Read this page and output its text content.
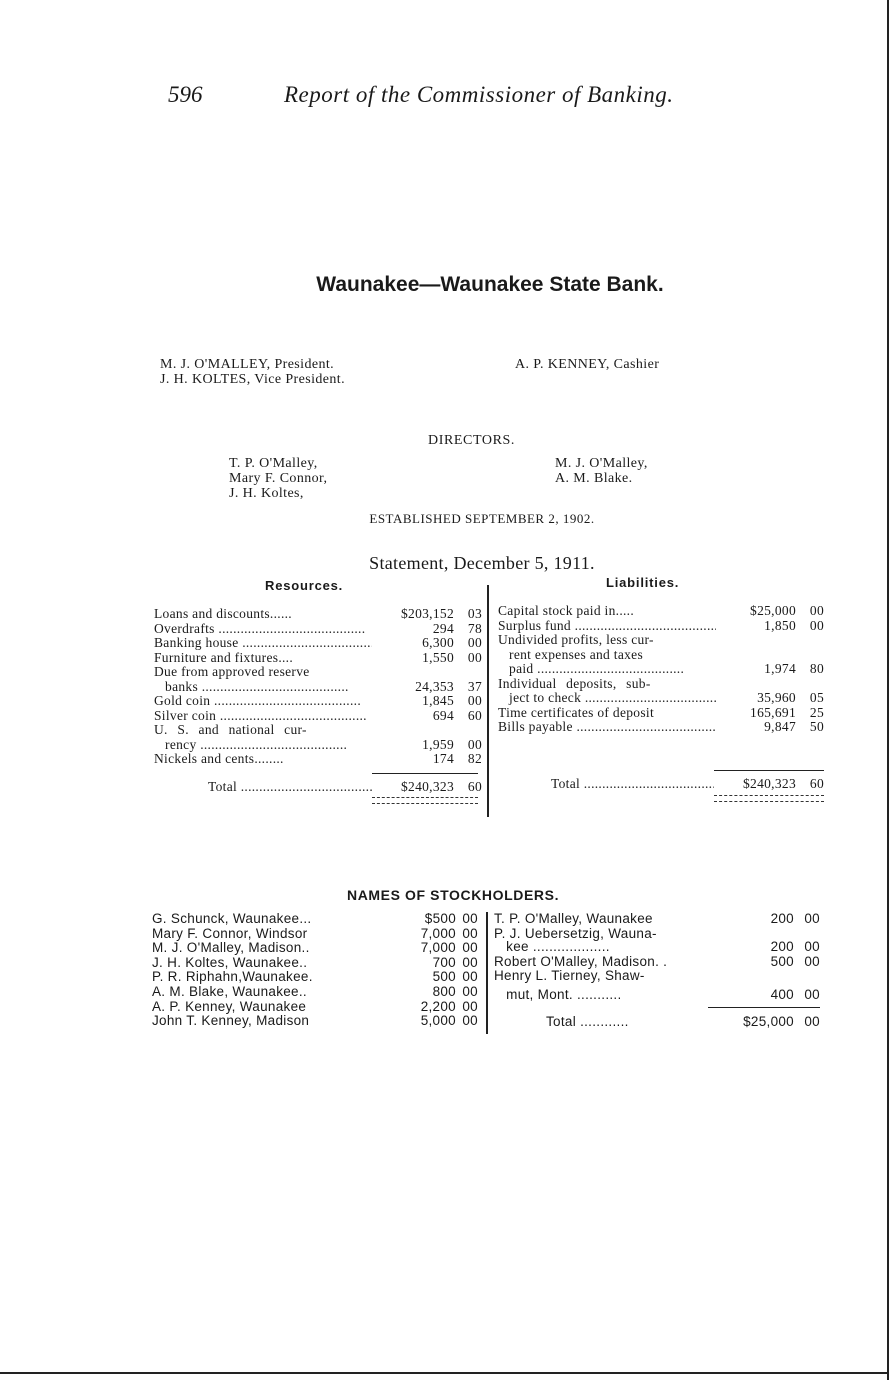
596	Report of the Commissioner of Banking.
Waunakee—Waunakee State Bank.
M. J. O'MALLEY, President.
J. H. KOLTES, Vice President.
A. P. KENNEY, Cashier
DIRECTORS.
T. P. O'Malley,
Mary F. Connor,
J. H. Koltes,
M. J. O'Malley,
A. M. Blake.
ESTABLISHED SEPTEMBER 2, 1902.
Statement, December 5, 1911.
Resources.	Liabilities.
Loans and discounts......	$203,152	03
Overdrafts .....	294	78
Banking house .....	6,300	00
Furniture and fixtures....	1,550	00
Due from approved reserve
banks .....	24,353	37
Gold coin .....	1,845	00
Silver coin .....	694	60
U. S. and national cur-
rency .....	1,959	00
Nickels and cents........	174	82
Total .....	$240,323	60
Capital stock paid in.....	$25,000	00
Surplus fund .....	1,850	00
Undivided profits, less cur-
rent expenses and taxes
paid .....	1,974	80
Individual deposits, sub-
ject to check .....	35,960	05
Time certificates of deposit	165,691	25
Bills payable .....	9,847	50
Total .....	$240,323	60
NAMES OF STOCKHOLDERS.
G. Schunck, Waunakee...	$500 00
Mary F. Connor, Windsor	7,000 00
M. J. O'Malley, Madison..	7,000 00
J. H. Koltes, Waunakee..	700 00
P. R. Riphahn,Waunakee.	500 00
A. M. Blake, Waunakee..	800 00
A. P. Kenney, Waunakee	2,200 00
John T. Kenney, Madison	5,000 00
T. P. O'Malley, Waunakee	200 00
P. J. Uebersetzig, Wauna-
kee ...................	200 00
Robert O'Malley, Madison. .	500 00
Henry L. Tierney, Shaw-
mut, Mont. ...........	400 00
Total ............	$25,000 00
